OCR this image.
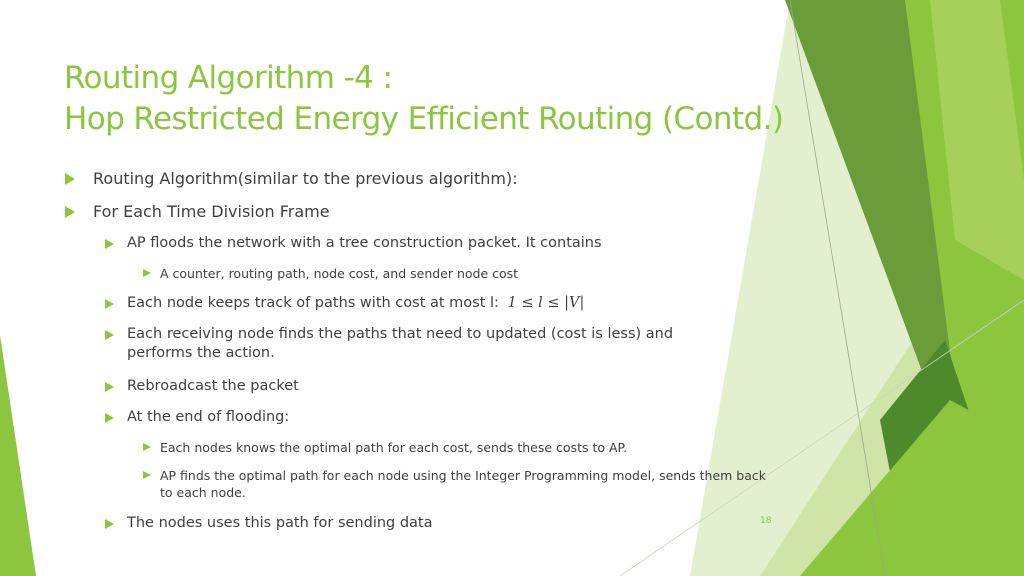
Routing Algorithm -4 :
Hop Restricted Energy Efficient Routing (Contd.)
Routing Algorithm(similar to the previous algorithm):
For Each Time Division Frame
AP floods the network with a tree construction packet. It contains
A counter, routing path, node cost, and sender node cost
Each node keeps track of paths with cost at most l: 1 ≤ l ≤ |V|
Each receiving node finds the paths that need to updated (cost is less) and performs the action.
Rebroadcast the packet
At the end of flooding:
Each nodes knows the optimal path for each cost, sends these costs to AP.
AP finds the optimal path for each node using the Integer Programming model, sends them back to each node.
The nodes uses this path for sending data	18
